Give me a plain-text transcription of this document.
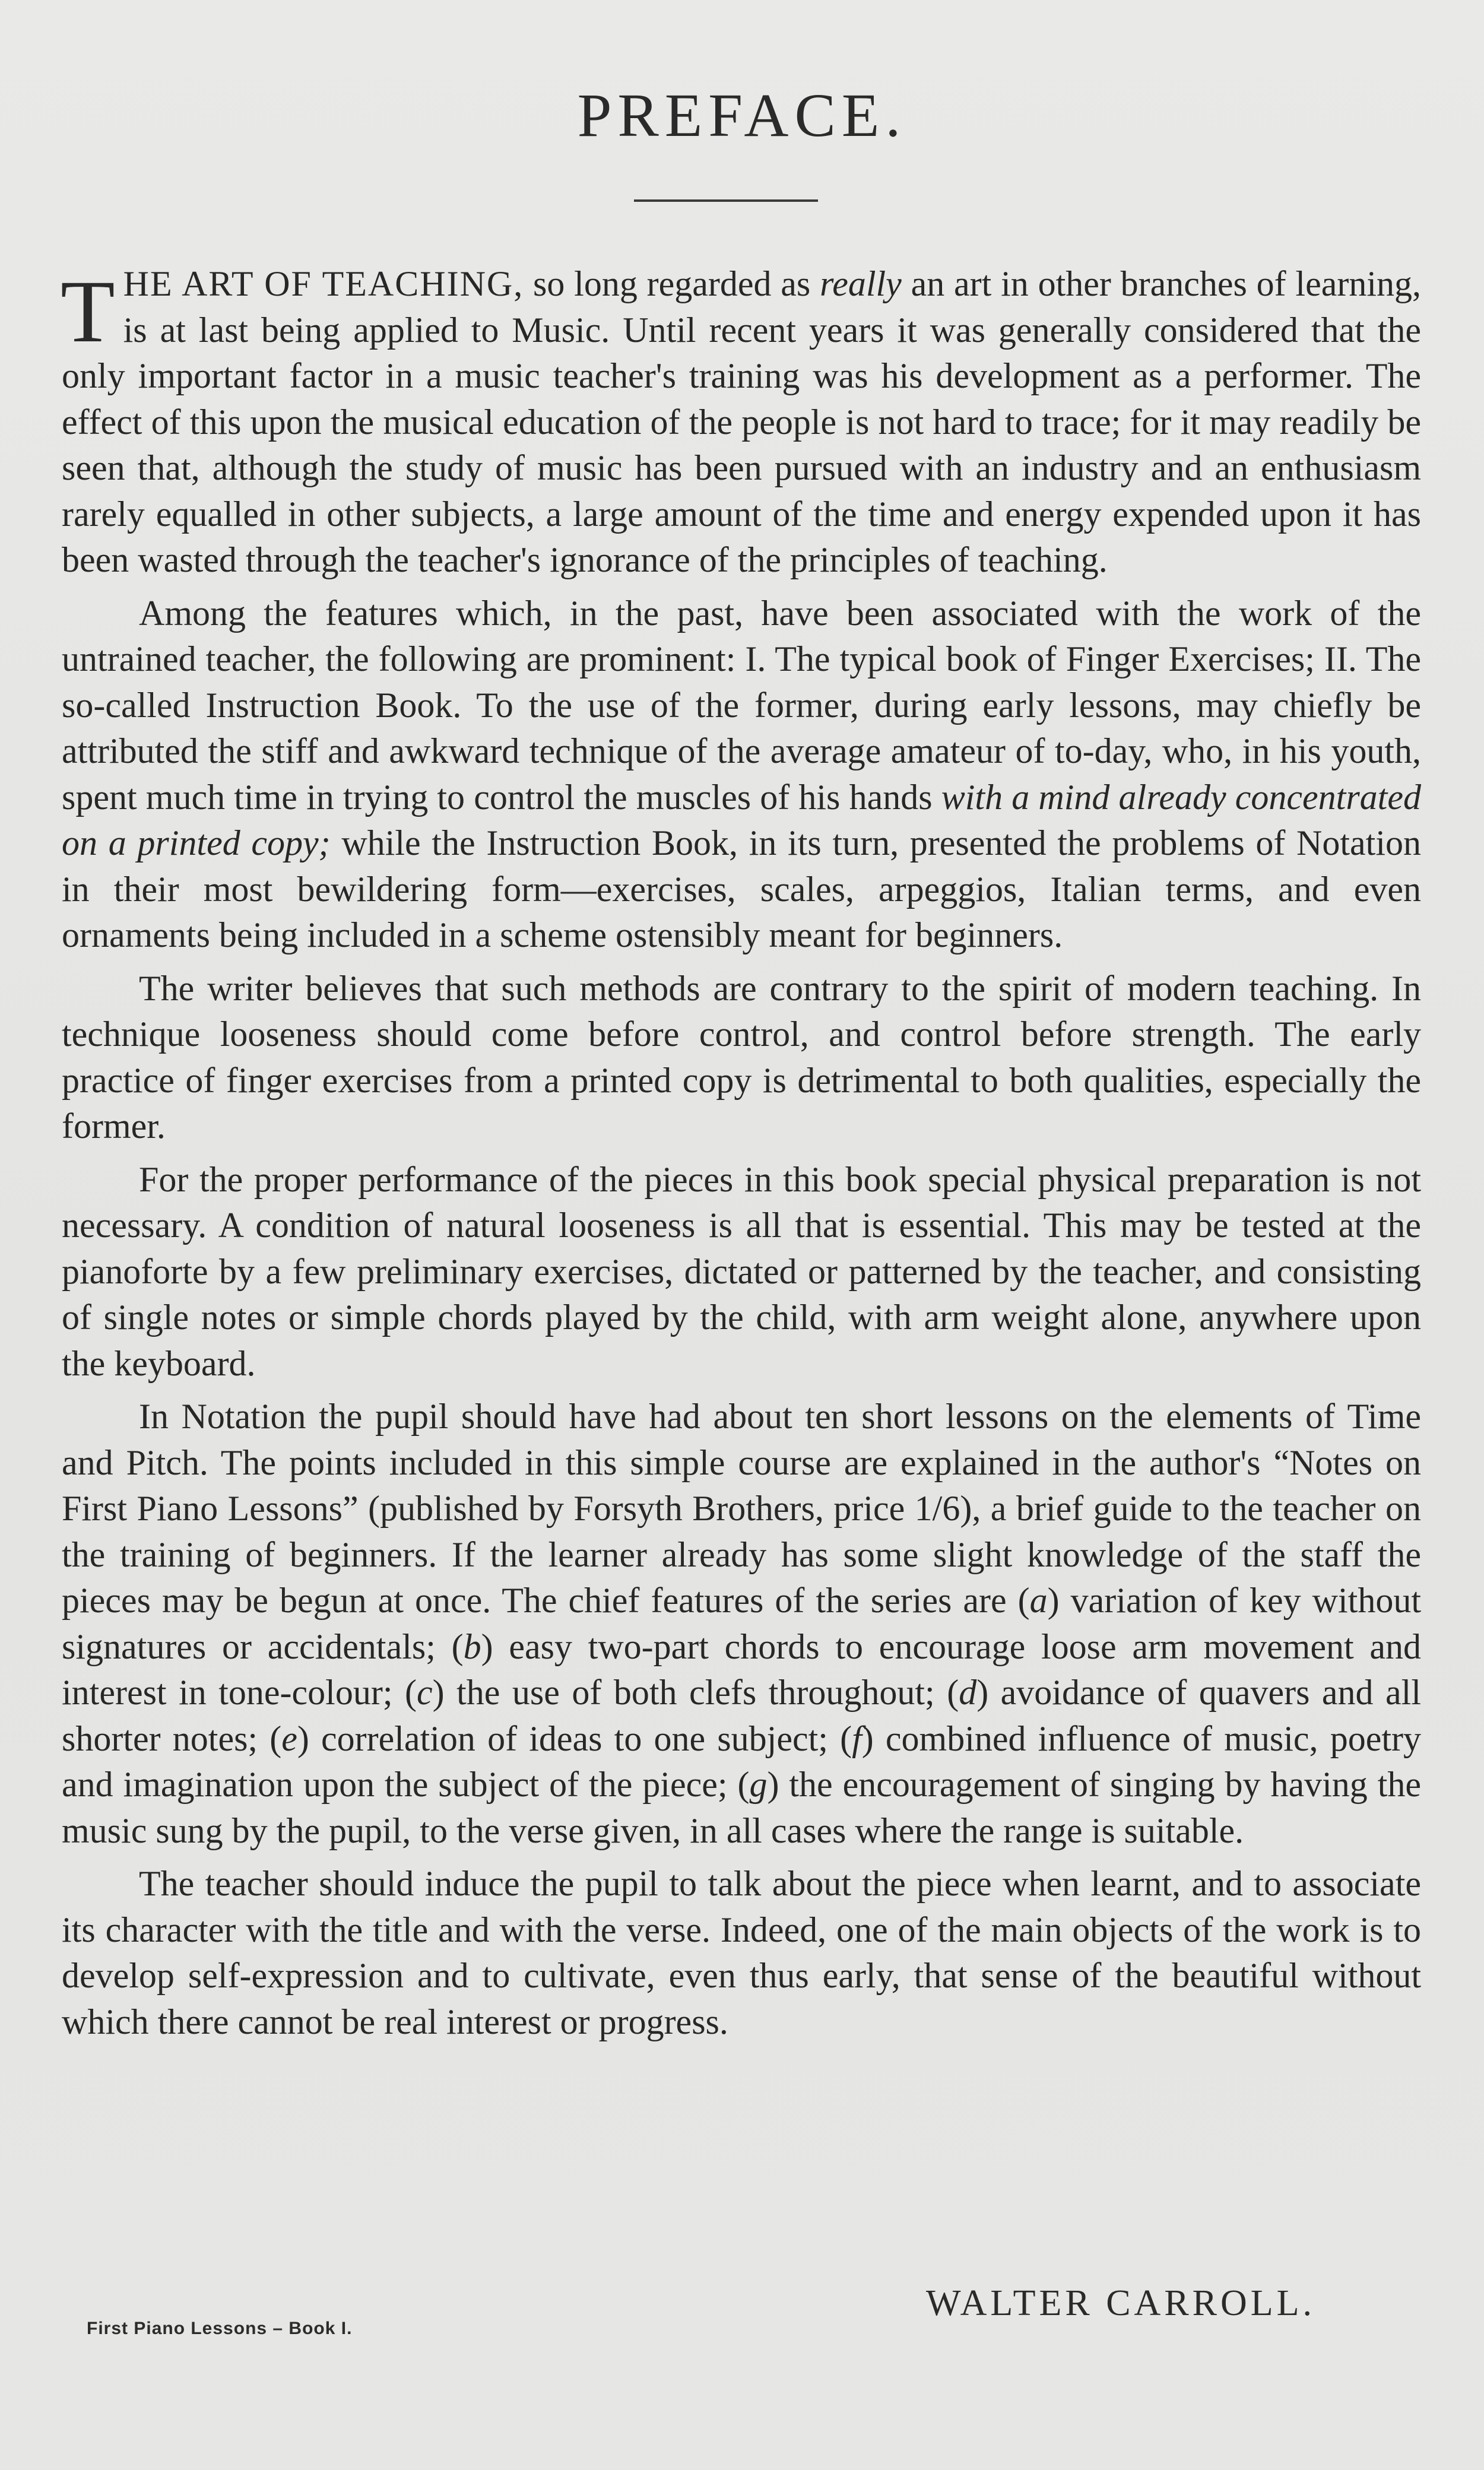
PREFACE.

THE ART OF TEACHING, so long regarded as really an art in other branches of learning, is at last being applied to Music. Until recent years it was generally considered that the only important factor in a music teacher's training was his development as a performer. The effect of this upon the musical education of the people is not hard to trace; for it may readily be seen that, although the study of music has been pursued with an industry and an enthusiasm rarely equalled in other subjects, a large amount of the time and energy expended upon it has been wasted through the teacher's ignorance of the principles of teaching.

Among the features which, in the past, have been associated with the work of the untrained teacher, the following are prominent: I. The typical book of Finger Exercises; II. The so-called Instruction Book. To the use of the former, during early lessons, may chiefly be attributed the stiff and awkward technique of the average amateur of to-day, who, in his youth, spent much time in trying to control the muscles of his hands with a mind already concentrated on a printed copy; while the Instruction Book, in its turn, presented the problems of Notation in their most bewildering form—exercises, scales, arpeggios, Italian terms, and even ornaments being included in a scheme ostensibly meant for beginners.

The writer believes that such methods are contrary to the spirit of modern teaching. In technique looseness should come before control, and control before strength. The early practice of finger exercises from a printed copy is detrimental to both qualities, especially the former.

For the proper performance of the pieces in this book special physical preparation is not necessary. A condition of natural looseness is all that is essential. This may be tested at the pianoforte by a few preliminary exercises, dictated or patterned by the teacher, and consisting of single notes or simple chords played by the child, with arm weight alone, anywhere upon the keyboard.

In Notation the pupil should have had about ten short lessons on the elements of Time and Pitch. The points included in this simple course are explained in the author's “Notes on First Piano Lessons” (published by Forsyth Brothers, price 1/6), a brief guide to the teacher on the training of beginners. If the learner already has some slight knowledge of the staff the pieces may be begun at once. The chief features of the series are (a) variation of key without signatures or accidentals; (b) easy two-part chords to encourage loose arm movement and interest in tone-colour; (c) the use of both clefs throughout; (d) avoidance of quavers and all shorter notes; (e) correlation of ideas to one subject; (f) combined influence of music, poetry and imagination upon the subject of the piece; (g) the encouragement of singing by having the music sung by the pupil, to the verse given, in all cases where the range is suitable.

The teacher should induce the pupil to talk about the piece when learnt, and to associate its character with the title and with the verse. Indeed, one of the main objects of the work is to develop self-expression and to cultivate, even thus early, that sense of the beautiful without which there cannot be real interest or progress.

WALTER CARROLL.
First Piano Lessons – Book I.
